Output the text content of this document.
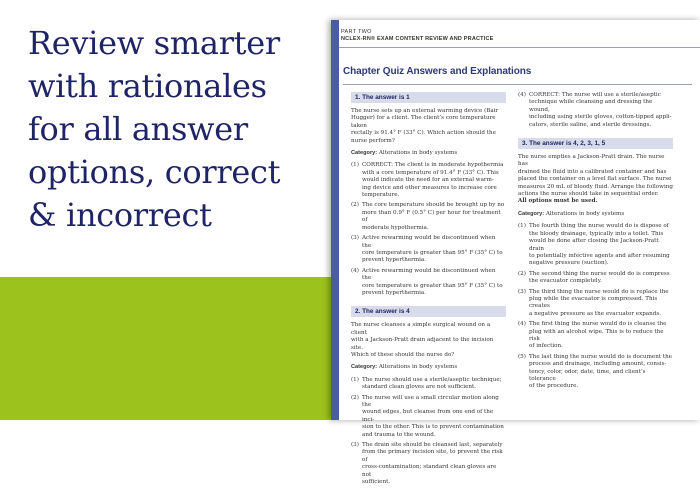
Review smarter
with rationales
for all answer
options, correct
& incorrect
PART TWO
NCLEX-RN® EXAM CONTENT REVIEW AND PRACTICE
Chapter Quiz Answers and Explanations
1. The answer is 1
The nurse sets up an external warming device (Bair
Hugger) for a client. The client’s core temperature taken
rectally is 91.4° F (33° C). Which action should the
nurse perform?
Category: Alterations in body systems
(1) CORRECT: The client is in moderate hypothermia
with a core temperature of 91.4° F (33° C). This
would indicate the need for an external warm-
ing device and other measures to increase core
temperature.
(2) The core temperature should be brought up by no
more than 0.9° F (0.5° C) per hour for treatment of
moderate hypothermia.
(3) Active rewarming would be discontinued when the
core temperature is greater than 95° F (35° C) to
prevent hyperthermia.
(4) Active rewarming would be discontinued when the
core temperature is greater than 95° F (35° C) to
prevent hyperthermia.
2. The answer is 4
The nurse cleanses a simple surgical wound on a client
with a Jackson-Pratt drain adjacent to the incision site.
Which of these should the nurse do?
Category: Alterations in body systems
(1) The nurse should use a sterile/aseptic technique;
standard clean gloves are not sufficient.
(2) The nurse will use a small circular motion along the
wound edges, but cleanse from one end of the inci-
sion to the other. This is to prevent contamination
and trauma to the wound.
(3) The drain site should be cleansed last, separately
from the primary incision site, to prevent the risk of
cross-contamination; standard clean gloves are not
sufficient.
(4) CORRECT: The nurse will use a sterile/aseptic
technique while cleansing and dressing the wound,
including using sterile gloves, cotton-tipped appli-
cators, sterile saline, and sterile dressings.
3. The answer is 4, 2, 3, 1, 5
The nurse empties a Jackson-Pratt drain. The nurse has
drained the fluid into a calibrated container and has
placed the container on a level flat surface. The nurse
measures 20 mL of bloody fluid. Arrange the following
actions the nurse should take in sequential order.
All options must be used.
Category: Alterations in body systems
(1) The fourth thing the nurse would do is dispose of
the bloody drainage, typically into a toilet. This
would be done after closing the Jackson-Pratt drain
to potentially infective agents and after resuming
negative pressure (suction).
(2) The second thing the nurse would do is compress
the evacuator completely.
(3) The third thing the nurse would do is replace the
plug while the evacuator is compressed. This creates
a negative pressure as the evacuator expands.
(4) The first thing the nurse would do is cleanse the
plug with an alcohol wipe. This is to reduce the risk
of infection.
(5) The last thing the nurse would do is document the
process and drainage, including amount, consis-
tency, color, odor, date, time, and client’s tolerance
of the procedure.
